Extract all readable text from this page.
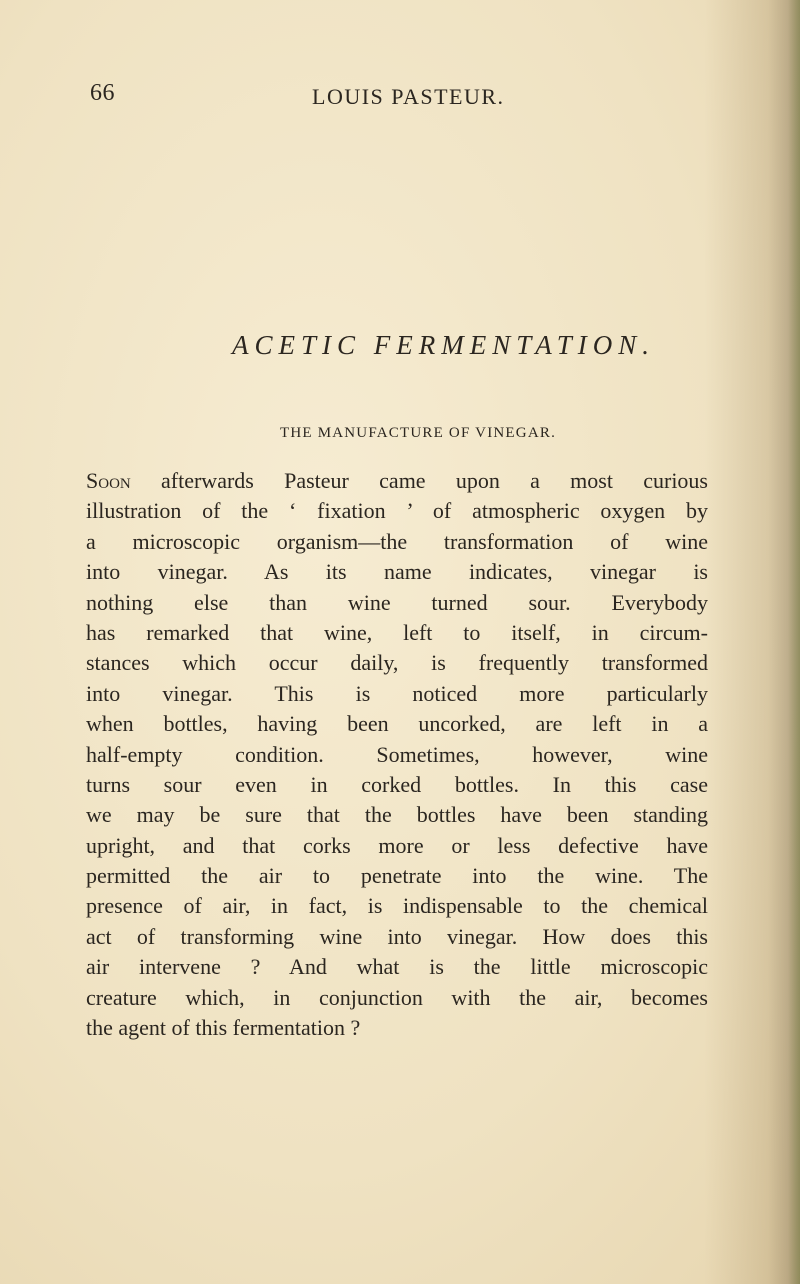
66	LOUIS PASTEUR.
ACETIC FERMENTATION.
THE MANUFACTURE OF VINEGAR.
Soon afterwards Pasteur came upon a most curious
illustration of the ‘ fixation ’ of atmospheric oxygen by
a microscopic organism—the transformation of wine
into vinegar. As its name indicates, vinegar is
nothing else than wine turned sour. Everybody
has remarked that wine, left to itself, in circum-
stances which occur daily, is frequently transformed
into vinegar. This is noticed more particularly
when bottles, having been uncorked, are left in a
half-empty condition. Sometimes, however, wine
turns sour even in corked bottles. In this case
we may be sure that the bottles have been standing
upright, and that corks more or less defective have
permitted the air to penetrate into the wine. The
presence of air, in fact, is indispensable to the chemical
act of transforming wine into vinegar. How does this
air intervene ? And what is the little microscopic
creature which, in conjunction with the air, becomes
the agent of this fermentation ?
